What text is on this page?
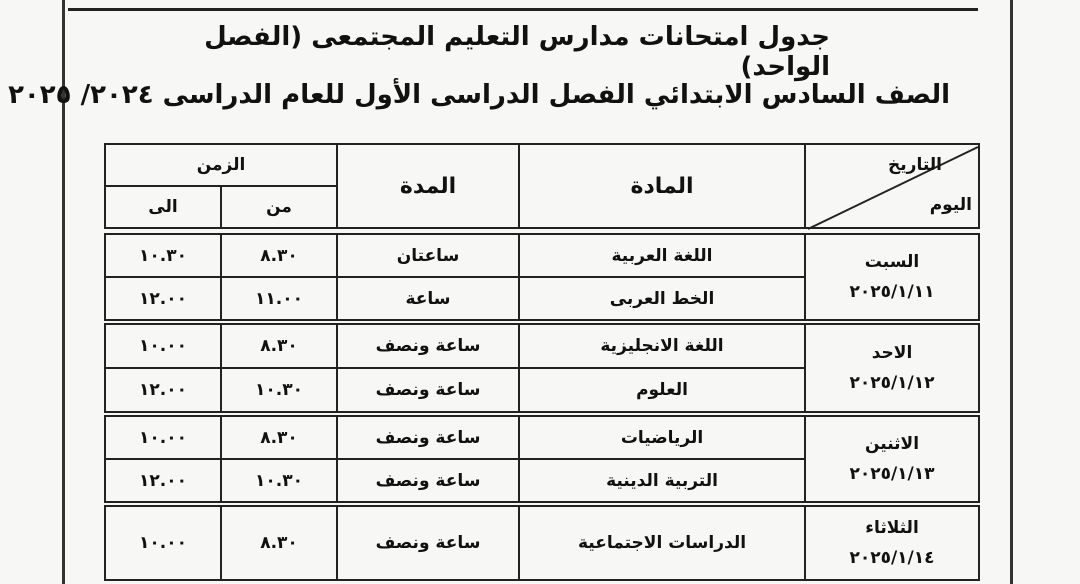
جدول امتحانات مدارس التعليم المجتمعى (الفصل الواحد)
الصف السادس الابتدائي الفصل الدراسى الأول للعام الدراسى ٢٠٢٤/ ٢٠٢٥
التاريخ
اليوم
المادة
المدة
الزمن
من
الى
السبت
٢٠٢٥/١/١١
اللغة العربية
ساعتان
٨.٣٠
١٠.٣٠
الخط العربى
ساعة
١١.٠٠
١٢.٠٠
الاحد
٢٠٢٥/١/١٢
اللغة الانجليزية
ساعة ونصف
٨.٣٠
١٠.٠٠
العلوم
ساعة ونصف
١٠.٣٠
١٢.٠٠
الاثنين
٢٠٢٥/١/١٣
الرياضيات
ساعة ونصف
٨.٣٠
١٠.٠٠
التربية الدينية
ساعة ونصف
١٠.٣٠
١٢.٠٠
الثلاثاء
٢٠٢٥/١/١٤
الدراسات الاجتماعية
ساعة ونصف
٨.٣٠
١٠.٠٠
